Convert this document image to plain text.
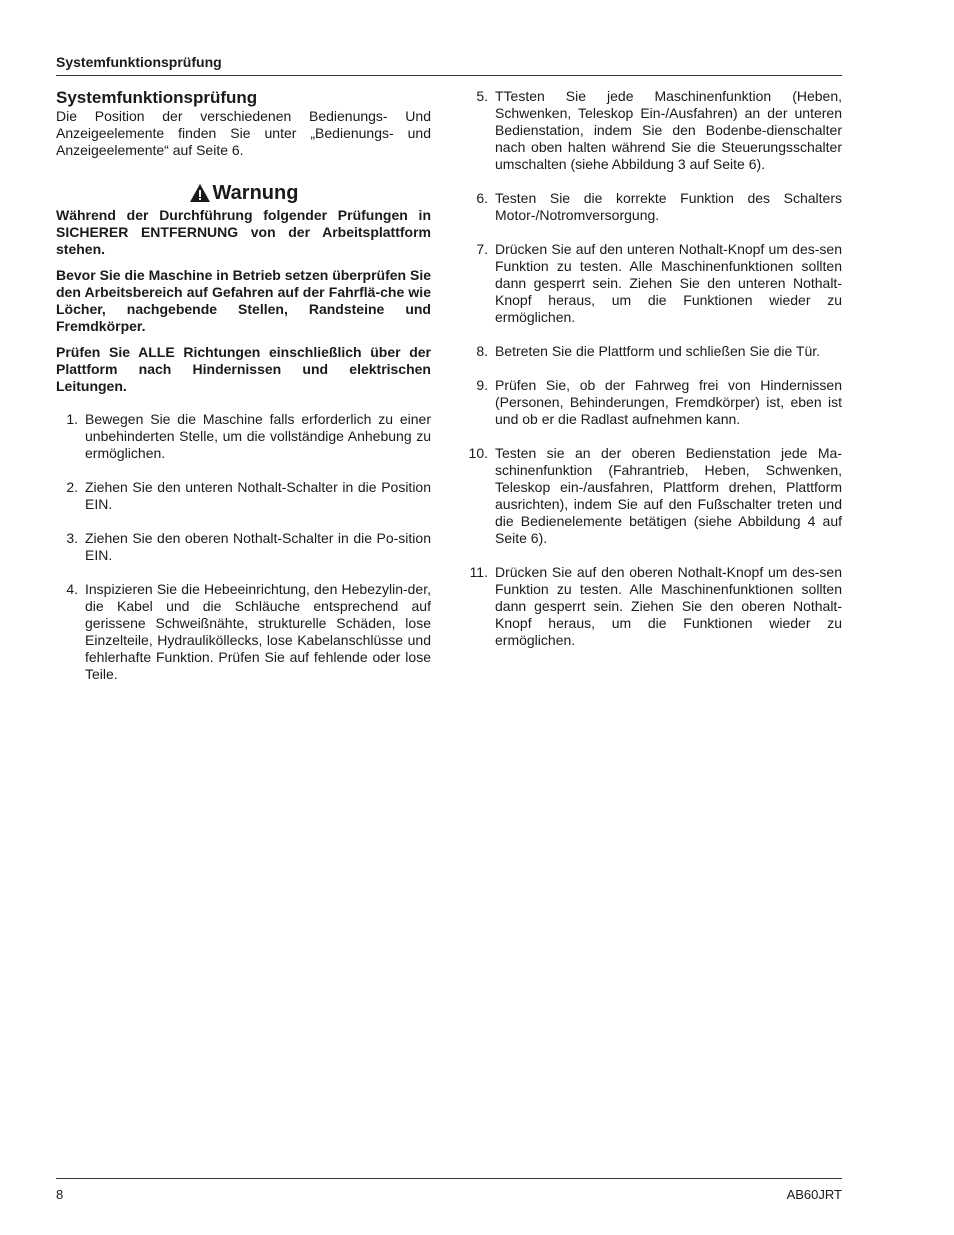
Systemfunktionsprüfung
Systemfunktionsprüfung

Die Position der verschiedenen Bedienungs- Und Anzeigeelemente finden Sie unter „Bedienungs- und Anzeigeelemente“ auf Seite 6.

Warnung

Während der Durchführung folgender Prüfungen in SICHERER ENTFERNUNG von der Arbeitsplattform stehen.

Bevor Sie die Maschine in Betrieb setzen überprüfen Sie den Arbeitsbereich auf Gefahren auf der Fahrflä-che wie Löcher, nachgebende Stellen, Randsteine und Fremdkörper.

Prüfen Sie ALLE Richtungen einschließlich über der Plattform nach Hindernissen und elektrischen Leitungen.

1. Bewegen Sie die Maschine falls erforderlich zu einer unbehinderten Stelle, um die vollständige Anhebung zu ermöglichen.
2. Ziehen Sie den unteren Nothalt-Schalter in die Position EIN.
3. Ziehen Sie den oberen Nothalt-Schalter in die Po-sition EIN.
4. Inspizieren Sie die Hebeeinrichtung, den Hebezylin-der, die Kabel und die Schläuche entsprechend auf gerissene Schweißnähte, strukturelle Schäden, lose Einzelteile, Hydrauliköllecks, lose Kabelanschlüsse und fehlerhafte Funktion. Prüfen Sie auf fehlende oder lose Teile.
5. TTesten Sie jede Maschinenfunktion (Heben, Schwenken, Teleskop Ein-/Ausfahren) an der unteren Bedienstation, indem Sie den Bodenbe-dienschalter nach oben halten während Sie die Steuerungsschalter umschalten (siehe Abbildung 3 auf Seite 6).
6. Testen Sie die korrekte Funktion des Schalters Motor-/Notromversorgung.
7. Drücken Sie auf den unteren Nothalt-Knopf um des-sen Funktion zu testen. Alle Maschinenfunktionen sollten dann gesperrt sein. Ziehen Sie den unteren Nothalt-Knopf heraus, um die Funktionen wieder zu ermöglichen.
8. Betreten Sie die Plattform und schließen Sie die Tür.
9. Prüfen Sie, ob der Fahrweg frei von Hindernissen (Personen, Behinderungen, Fremdkörper) ist, eben ist und ob er die Radlast aufnehmen kann.
10. Testen sie an der oberen Bedienstation jede Ma-schinenfunktion (Fahrantrieb, Heben, Schwenken, Teleskop ein-/ausfahren, Plattform drehen, Plattform ausrichten), indem Sie auf den Fußschalter treten und die Bedienelemente betätigen (siehe Abbildung 4 auf Seite 6).
11. Drücken Sie auf den oberen Nothalt-Knopf um des-sen Funktion zu testen. Alle Maschinenfunktionen sollten dann gesperrt sein. Ziehen Sie den oberen Nothalt-Knopf heraus, um die Funktionen wieder zu ermöglichen.
8	AB60JRT
